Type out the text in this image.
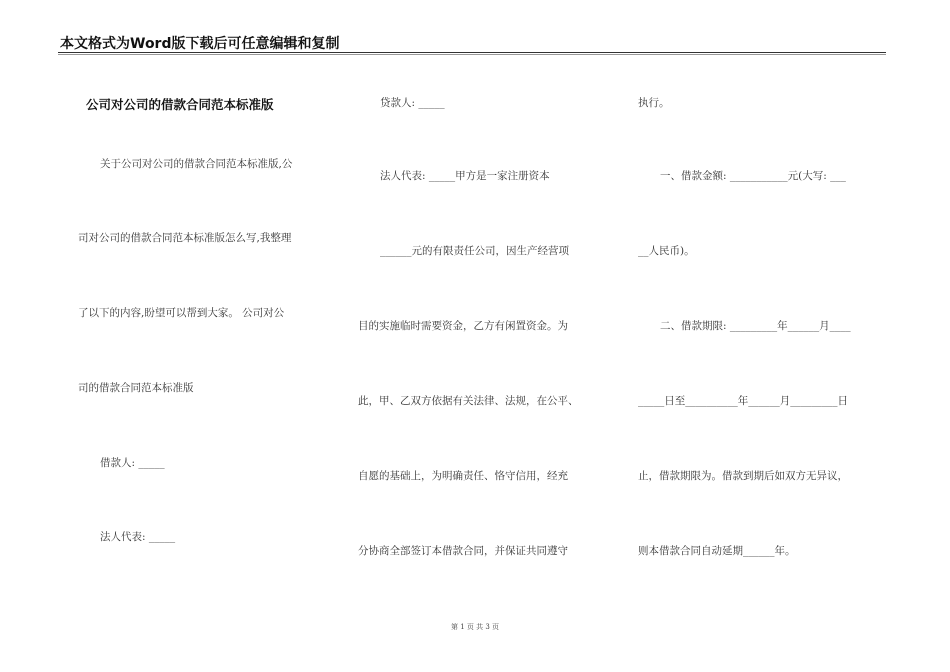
本文格式为Word版下载后可任意编辑和复制
公司对公司的借款合同范本标准版
关于公司对公司的借款合同范本标准版,公
司对公司的借款合同范本标准版怎么写,我整理
了以下的内容,盼望可以帮到大家。 公司对公
司的借款合同范本标准版
借款人: _____
法人代表: _____
贷款人: _____
法人代表: _____甲方是一家注册资本
______元的有限责任公司，因生产经营项
目的实施临时需要资金，乙方有闲置资金。为
此，甲、乙双方依据有关法律、法规，在公平、
自愿的基础上，为明确责任、恪守信用，经充
分协商全部签订本借款合同，并保证共同遵守
执行。
一、借款金额: ___________元(大写: ___
__人民币)。
二、借款期限: _________年______月____
_____日至__________年______月_________日
止，借款期限为。借款到期后如双方无异议，
则本借款合同自动延期______年。
第 1 页 共 3 页
